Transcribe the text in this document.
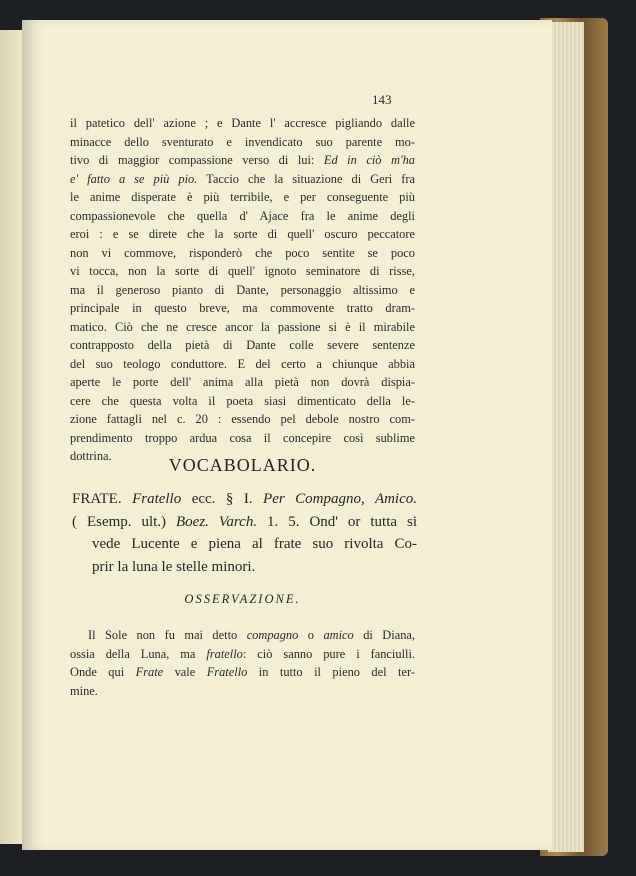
143
il patetico dell' azione ; e Dante l' accresce pigliando dalle
minacce dello sventurato e invendicato suo parente mo-
tivo di maggior compassione verso di lui: Ed in ciò m'ha
e' fatto a se più pio. Taccio che la situazione di Geri fra
le anime disperate è più terribile, e per conseguente più
compassionevole che quella d' Ajace fra le anime degli
eroi : e se direte che la sorte di quell' oscuro peccatore
non vi commove, risponderò che poco sentite se poco
vi tocca, non la sorte di quell' ignoto seminatore di risse,
ma il generoso pianto di Dante, personaggio altissimo e
principale in questo breve, ma commovente tratto dram-
matico. Ciò che ne cresce ancor la passione si è il mirabile
contrapposto della pietà di Dante colle severe sentenze
del suo teologo conduttore. E del certo a chiunque abbia
aperte le porte dell' anima alla pietà non dovrà dispia-
cere che questa volta il poeta siasi dimenticato della le-
zione fattagli nel c. 20 : essendo pel debole nostro com-
prendimento troppo ardua cosa il concepire così sublime
dottrina.	VOCABOLARIO.
FRATE. Fratello ecc. § I. Per Compagno, Amico.
( Esemp. ult.) Boez. Varch. 1. 5. Ond' or tutta si
vede Lucente e piena al frate suo rivolta Co-
prir la luna le stelle minori.
OSSERVAZIONE.
Il Sole non fu mai detto compagno o amico di Diana,
ossia della Luna, ma fratello: ciò sanno pure i fanciulli.
Onde qui Frate vale Fratello in tutto il pieno del ter-
mine.
